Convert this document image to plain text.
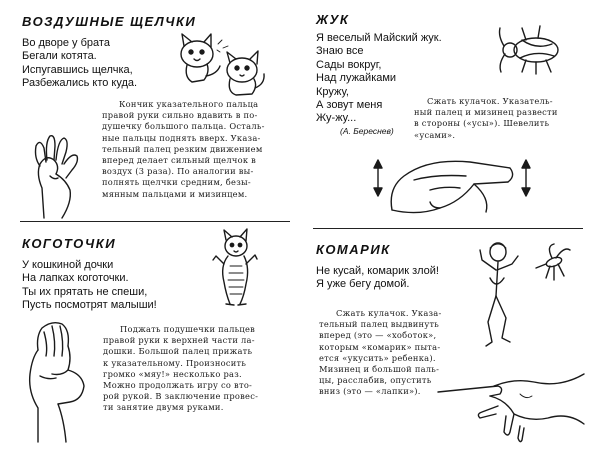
ВОЗДУШНЫЕ ЩЕЛЧКИ
Во дворе у брата
Бегали котята.
Испугавшись щелчка,
Разбежались кто куда.
Кончик указательного пальца
правой руки сильно вдавить в по-
душечку большого пальца. Осталь-
ные пальцы поднять вверх. Указа-
тельный палец резким движением
вперед делает сильный щелчок в
воздух (3 раза). По аналогии вы-
полнять щелчки средним, безы-
мянным пальцами и мизинцем.
КОГОТОЧКИ
У кошкиной дочки
На лапках коготочки.
Ты их прятать не спеши,
Пусть посмотрят малыши!
Поджать подушечки пальцев
правой руки к верхней части ла-
дошки. Большой палец прижать
к указательному. Произносить
громко «мяу!» несколько раз.
Можно продолжать игру со вто-
рой рукой. В заключение провес-
ти занятие двумя руками.
ЖУК
Я веселый Майский жук.
Знаю все
Сады вокруг,
Над лужайками
Кружу,
А зовут меня
Жу-жу...
(А. Береснев)
Сжать кулачок. Указатель-
ный палец и мизинец развести
в стороны («усы»). Шевелить
«усами».
КОМАРИК
Не кусай, комарик злой!
Я уже бегу домой.
Сжать кулачок. Указа-
тельный палец выдвинуть
вперед (это — «хоботок»,
которым «комарик» пыта-
ется «укусить» ребенка).
Мизинец и большой паль-
цы, расслабив, опустить
вниз (это — «лапки»).
